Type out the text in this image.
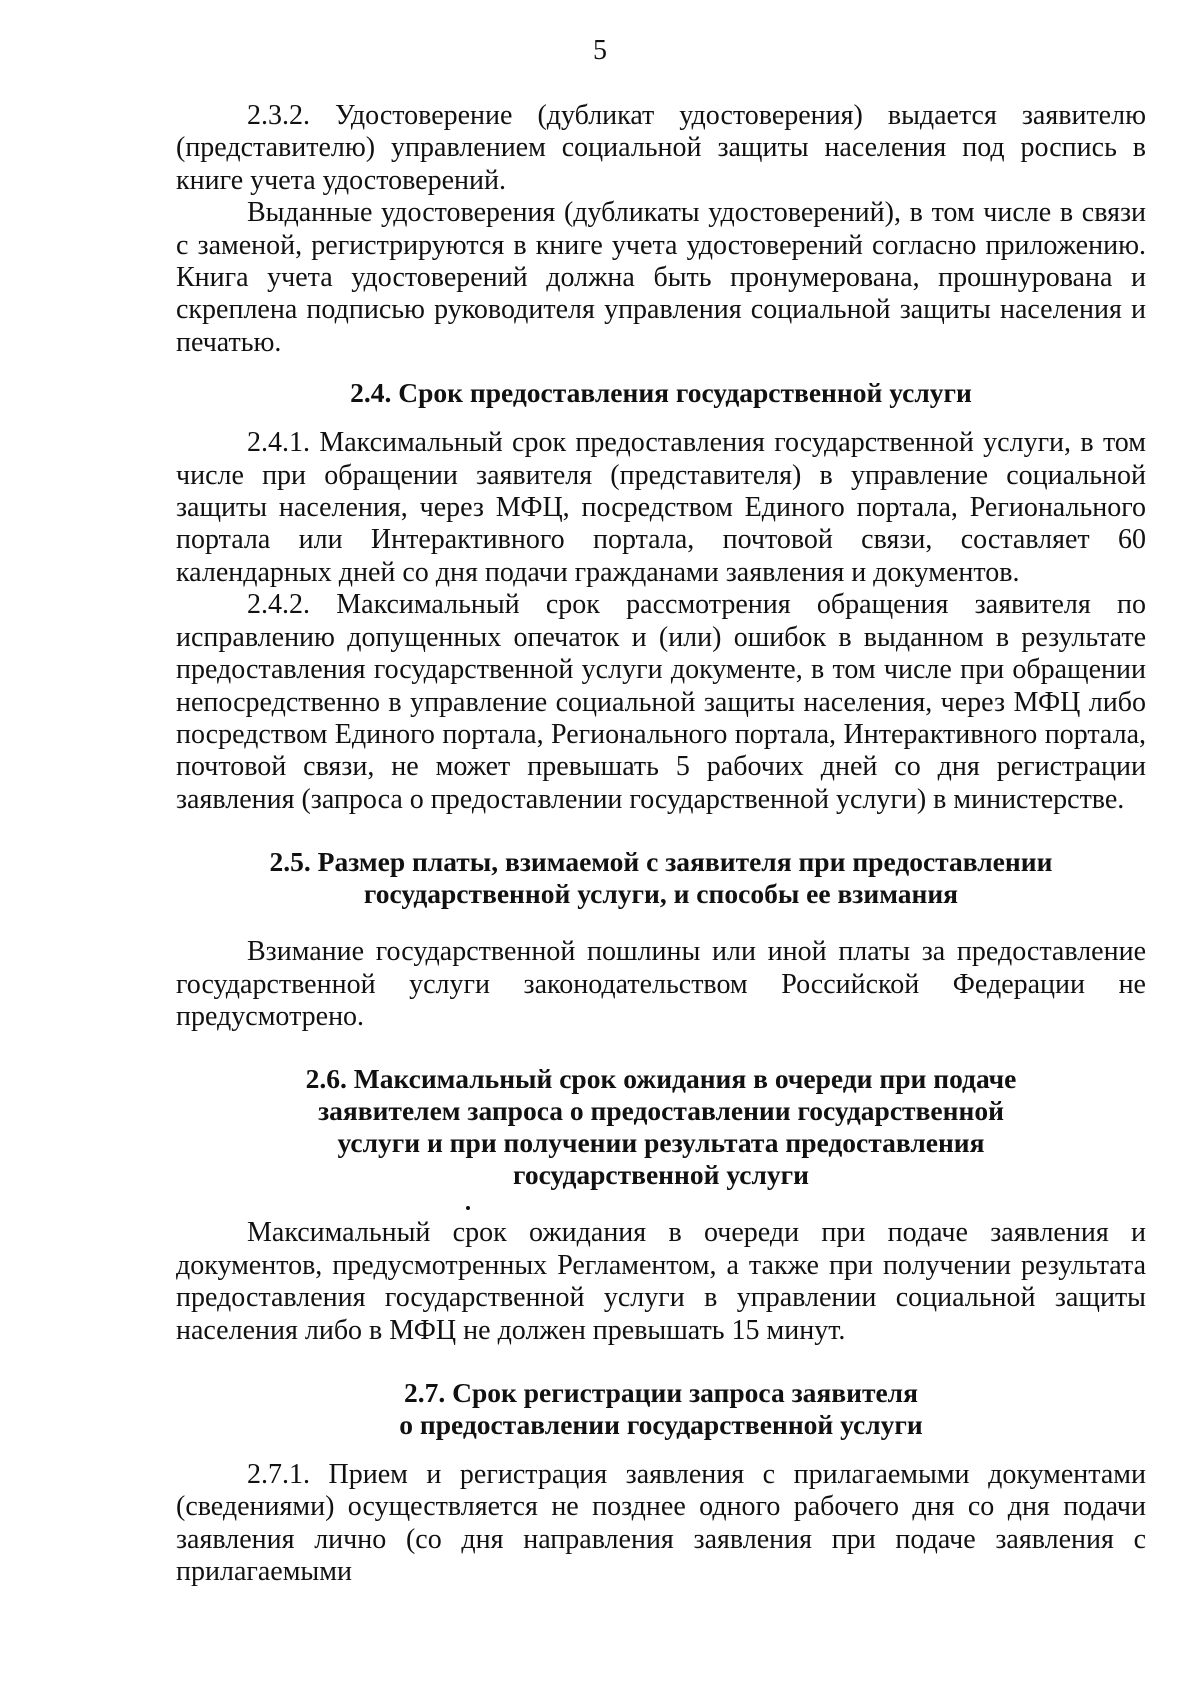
5

2.3.2. Удостоверение (дубликат удостоверения) выдается заявителю (представителю) управлением социальной защиты населения под роспись в книге учета удостоверений.

Выданные удостоверения (дубликаты удостоверений), в том числе в связи с заменой, регистрируются в книге учета удостоверений согласно приложению. Книга учета удостоверений должна быть пронумерована, прошнурована и скреплена подписью руководителя управления социальной защиты населения и печатью.

2.4. Срок предоставления государственной услуги

2.4.1. Максимальный срок предоставления государственной услуги, в том числе при обращении заявителя (представителя) в управление социальной защиты населения, через МФЦ, посредством Единого портала, Регионального портала или Интерактивного портала, почтовой связи, составляет 60 календарных дней со дня подачи гражданами заявления и документов.

2.4.2. Максимальный срок рассмотрения обращения заявителя по исправлению допущенных опечаток и (или) ошибок в выданном в результате предоставления государственной услуги документе, в том числе при обращении непосредственно в управление социальной защиты населения, через МФЦ либо посредством Единого портала, Регионального портала, Интерактивного портала, почтовой связи, не может превышать 5 рабочих дней со дня регистрации заявления (запроса о предоставлении государственной услуги) в министерстве.

2.5. Размер платы, взимаемой с заявителя при предоставлении
государственной услуги, и способы ее взимания

Взимание государственной пошлины или иной платы за предоставление государственной услуги законодательством Российской Федерации не предусмотрено.

2.6. Максимальный срок ожидания в очереди при подаче
заявителем запроса о предоставлении государственной
услуги и при получении результата предоставления
государственной услуги

Максимальный срок ожидания в очереди при подаче заявления и документов, предусмотренных Регламентом, а также при получении результата предоставления государственной услуги в управлении социальной защиты населения либо в МФЦ не должен превышать 15 минут.

2.7. Срок регистрации запроса заявителя
о предоставлении государственной услуги

2.7.1. Прием и регистрация заявления с прилагаемыми документами (сведениями) осуществляется не позднее одного рабочего дня со дня подачи заявления лично (со дня направления заявления при подаче заявления с прилагаемыми
